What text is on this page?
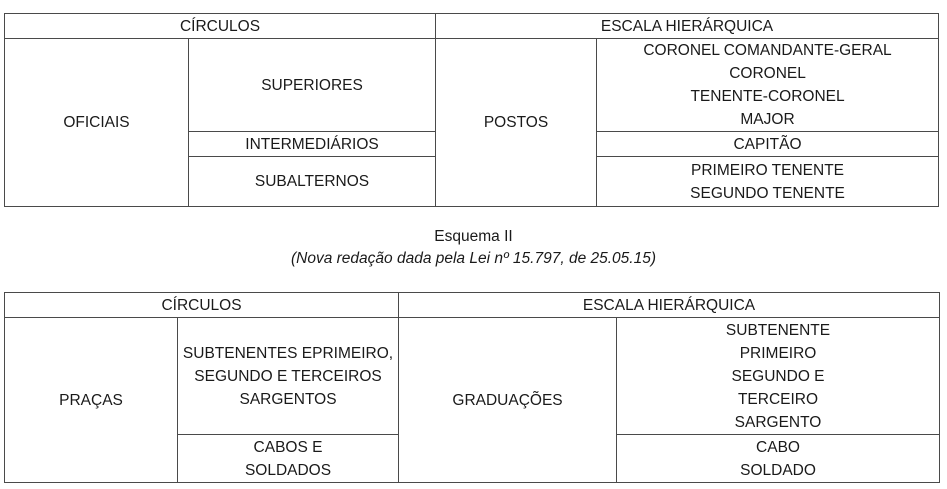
CÍRCULOS		ESCALA HIERÁRQUICA	
OFICIAIS	SUPERIORES	POSTOS	CORONEL COMANDANTE-GERAL
CORONEL
TENENTE-CORONEL
MAJOR

	INTERMEDIÁRIOS		CAPITÃO

	SUBALTERNOS		PRIMEIRO TENENTE
SEGUNDO TENENTE
Esquema II
(Nova redação dada pela Lei nº 15.797, de 25.05.15)
CÍRCULOS		ESCALA HIERÁRQUICA	
PRAÇAS	SUBTENENTES EPRIMEIRO,
SEGUNDO E TERCEIROS
SARGENTOS	GRADUAÇÕES	SUBTENENTE
PRIMEIRO
SEGUNDO E
TERCEIRO
SARGENTO

	CABOS E
SOLDADOS		CABO
SOLDADO
